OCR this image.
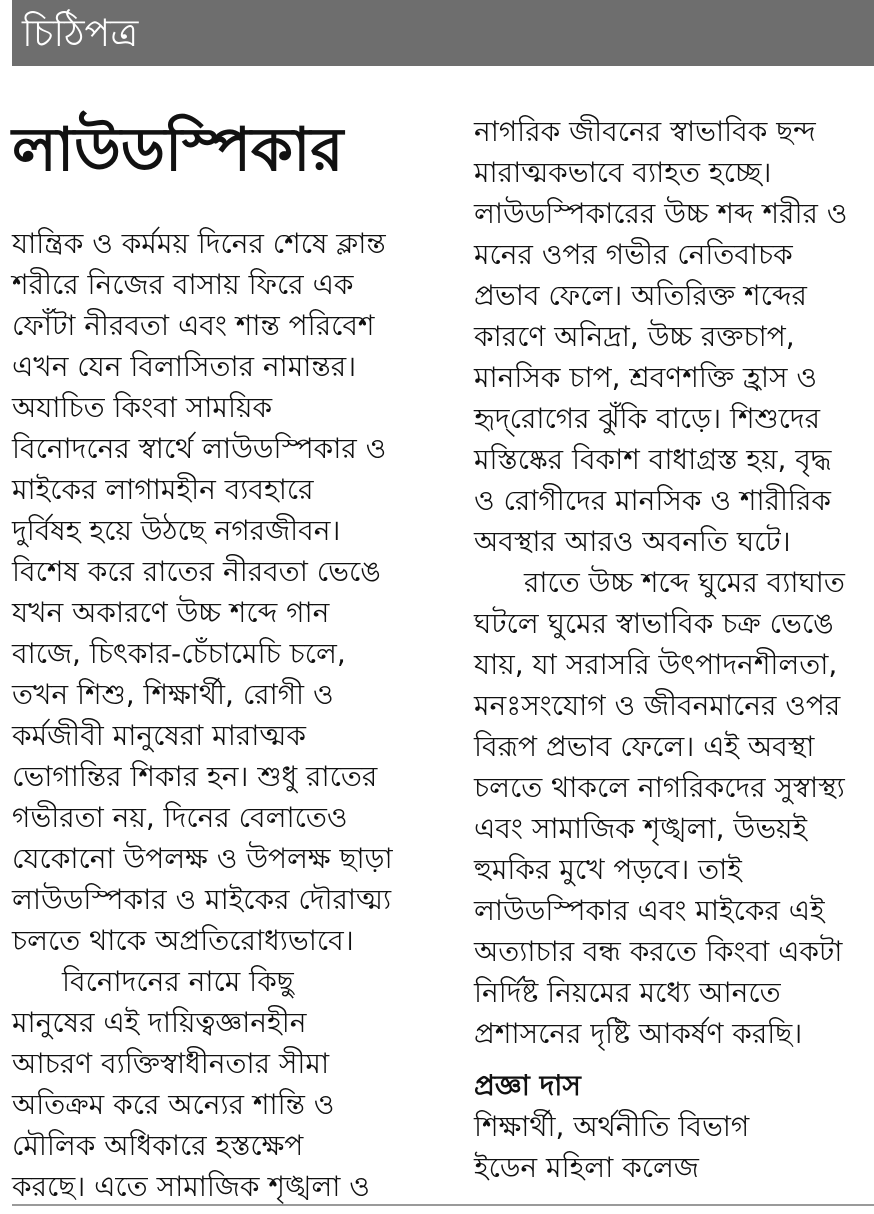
চিঠিপত্র
লাউডস্পিকার
যান্ত্রিক ও কর্মময় দিনের শেষে ক্লান্ত
শরীরে নিজের বাসায় ফিরে এক
ফোঁটা নীরবতা এবং শান্ত পরিবেশ
এখন যেন বিলাসিতার নামান্তর।
অযাচিত কিংবা সাময়িক
বিনোদনের স্বার্থে লাউডস্পিকার ও
মাইকের লাগামহীন ব্যবহারে
দুর্বিষহ হয়ে উঠছে নগরজীবন।
বিশেষ করে রাতের নীরবতা ভেঙে
যখন অকারণে উচ্চ শব্দে গান
বাজে, চিৎকার-চেঁচামেচি চলে,
তখন শিশু, শিক্ষার্থী, রোগী ও
কর্মজীবী মানুষেরা মারাত্মক
ভোগান্তির শিকার হন। শুধু রাতের
গভীরতা নয়, দিনের বেলাতেও
যেকোনো উপলক্ষ ও উপলক্ষ ছাড়া
লাউডস্পিকার ও মাইকের দৌরাত্ম্য
চলতে থাকে অপ্রতিরোধ্যভাবে।
বিনোদনের নামে কিছু
মানুষের এই দায়িত্বজ্ঞানহীন
আচরণ ব্যক্তিস্বাধীনতার সীমা
অতিক্রম করে অন্যের শান্তি ও
মৌলিক অধিকারে হস্তক্ষেপ
করছে। এতে সামাজিক শৃঙ্খলা ও
নাগরিক জীবনের স্বাভাবিক ছন্দ
মারাত্মকভাবে ব্যাহত হচ্ছে।
লাউডস্পিকারের উচ্চ শব্দ শরীর ও
মনের ওপর গভীর নেতিবাচক
প্রভাব ফেলে। অতিরিক্ত শব্দের
কারণে অনিদ্রা, উচ্চ রক্তচাপ,
মানসিক চাপ, শ্রবণশক্তি হ্রাস ও
হৃদ্‌রোগের ঝুঁকি বাড়ে। শিশুদের
মস্তিষ্কের বিকাশ বাধাগ্রস্ত হয়, বৃদ্ধ
ও রোগীদের মানসিক ও শারীরিক
অবস্থার আরও অবনতি ঘটে।
রাতে উচ্চ শব্দে ঘুমের ব্যাঘাত
ঘটলে ঘুমের স্বাভাবিক চক্র ভেঙে
যায়, যা সরাসরি উৎপাদনশীলতা,
মনঃসংযোগ ও জীবনমানের ওপর
বিরূপ প্রভাব ফেলে। এই অবস্থা
চলতে থাকলে নাগরিকদের সুস্বাস্থ্য
এবং সামাজিক শৃঙ্খলা, উভয়ই
হুমকির মুখে পড়বে। তাই
লাউডস্পিকার এবং মাইকের এই
অত্যাচার বন্ধ করতে কিংবা একটা
নির্দিষ্ট নিয়মের মধ্যে আনতে
প্রশাসনের দৃষ্টি আকর্ষণ করছি।
প্রজ্ঞা দাস
শিক্ষার্থী, অর্থনীতি বিভাগ
ইডেন মহিলা কলেজ
